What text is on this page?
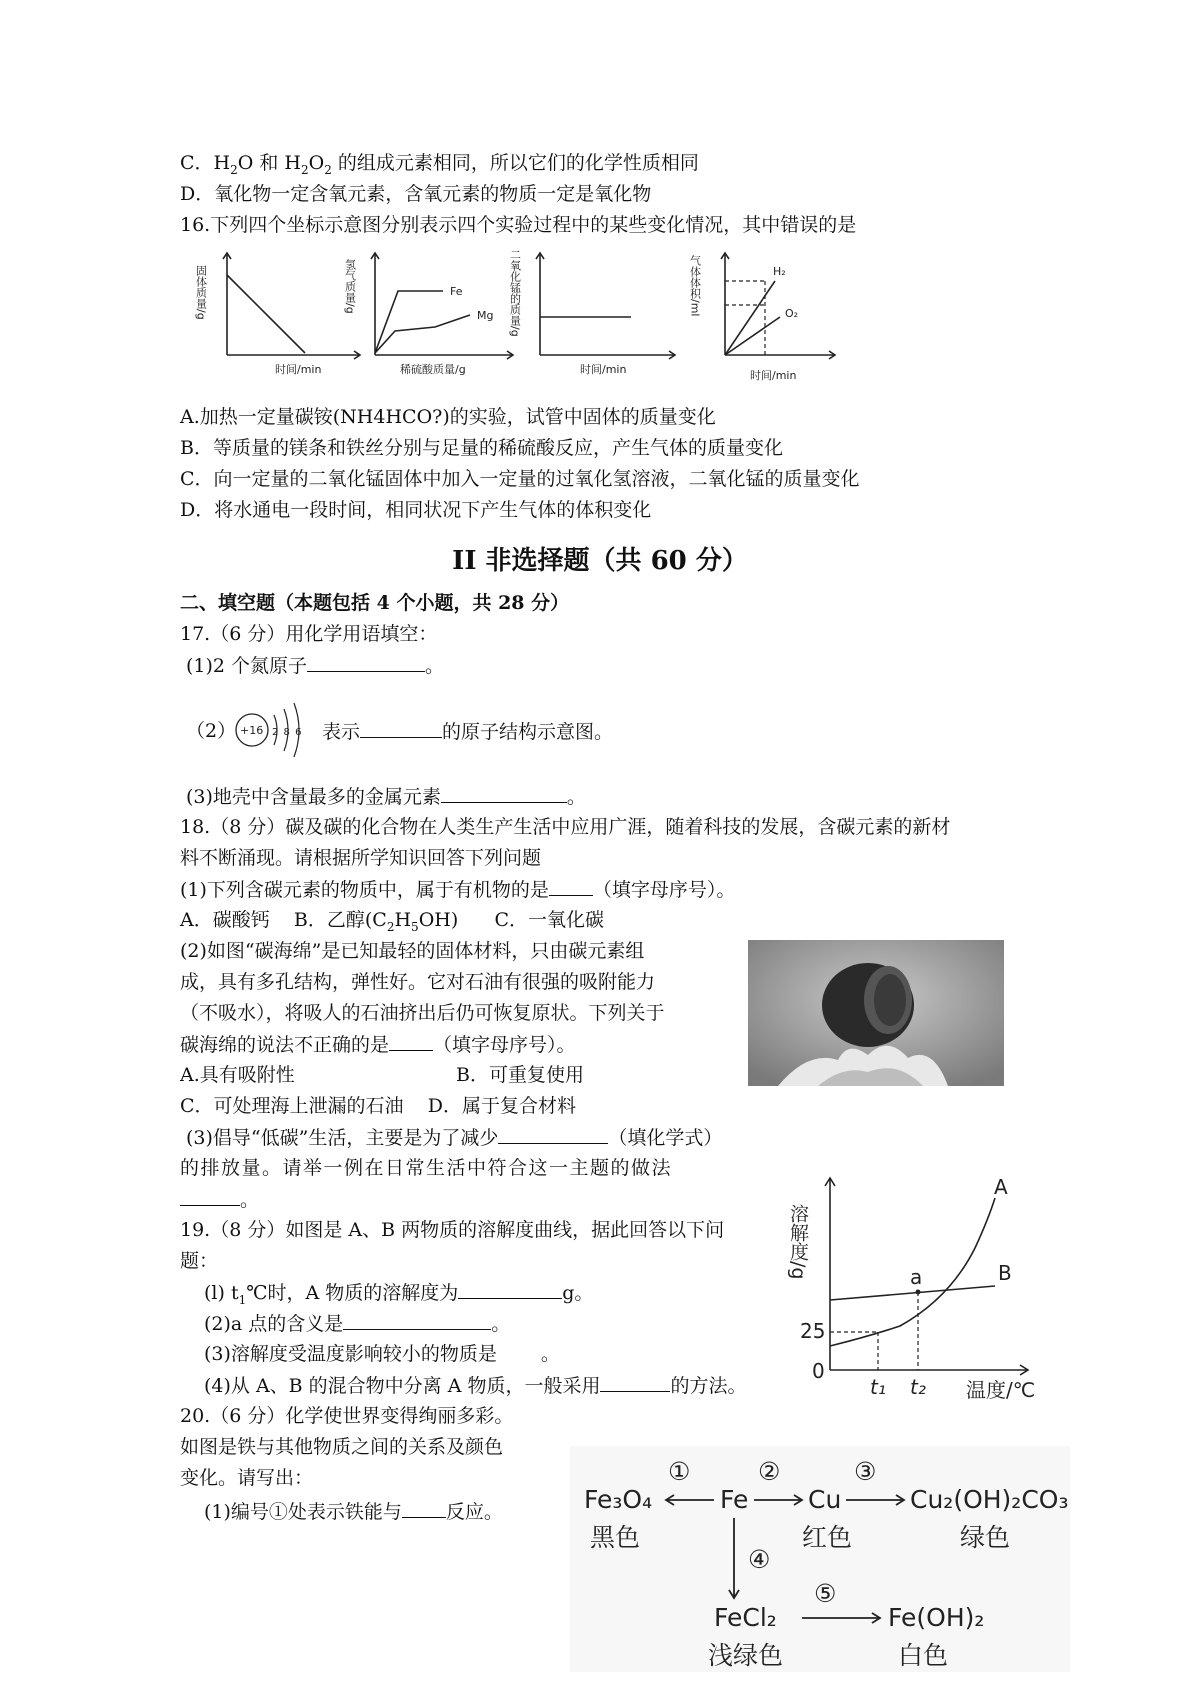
C．$H_2O$ 和 $H_2O_2$ 的组成元素相同，所以它们的化学性质相同
D．氧化物一定含氧元素，含氧元素的物质一定是氧化物
16.下列四个坐标示意图分别表示四个实验过程中的某些变化情况，其中错误的是
固体质量/g
时间/min
氢气质量/g
稀硫酸质量/g
Fe
Mg 二氧化锰的质量/g
时间/min
气体体积/ml
时间/min
H₂
O₂
A.加热一定量碳铵(NH4HCO?)的实验，试管中固体的质量变化
B．等质量的镁条和铁丝分别与足量的稀硫酸反应，产生气体的质量变化
C．向一定量的二氧化锰固体中加入一定量的过氧化氢溶液，二氧化锰的质量变化
D．将水通电一段时间，相同状况下产生气体的体积变化
II 非选择题（共 60 分）
二、填空题（本题包括 4 个小题，共 28 分）
17.（6 分）用化学用语填空：
(1)2 个氮原子	。
（2） +16 2 8 6 表示	的原子结构示意图。
(3)地壳中含量最多的金属元素	。
18.（8 分）碳及碳的化合物在人类生产生活中应用广涯，随着科技的发展，含碳元素的新材
料不断涌现。请根据所学知识回答下列问题
(1)下列含碳元素的物质中，属于有机物的是 （填字母序号）。
A．碳酸钙 B．乙醇$(C_2H_5OH)$ C．一氧化碳
(2)如图“碳海绵”是已知最轻的固体材料，只由碳元素组
成，具有多孔结构，弹性好。它对石油有很强的吸附能力
（不吸水），将吸人的石油挤出后仍可恢复原状。下列关于
碳海绵的说法不正确的是 （填字母序号）。
A.具有吸附性	B．可重复使用
C．可处理海上泄漏的石油 D．属于复合材料
(3)倡导“低碳”生活，主要是为了减少	（填化学式）
的排放量。请举一例在日常生活中符合这一主题的做法
。
溶解度/g
温度/℃
A
B
a
0
25
t₁ t₂
19.（8 分）如图是 A、B 两物质的溶解度曲线，据此回答以下问
题：
(l) $t_1℃$时，A 物质的溶解度为	g。
(2)a 点的含义是	。
(3)溶解度受温度影响较小的物质是 。
(4)从 A、B 的混合物中分离 A 物质，一般采用	的方法。
20.（6 分）化学使世界变得绚丽多彩。
如图是铁与其他物质之间的关系及颜色
变化。请写出：
(1)编号①处表示铁能与 反应。	Fe₃O₄
黑色
Fe Cu
红色
Cu₂(OH)₂CO₃
绿色
FeCl₂
浅绿色
Fe(OH)₂
白色
①	②	③
④
⑤
